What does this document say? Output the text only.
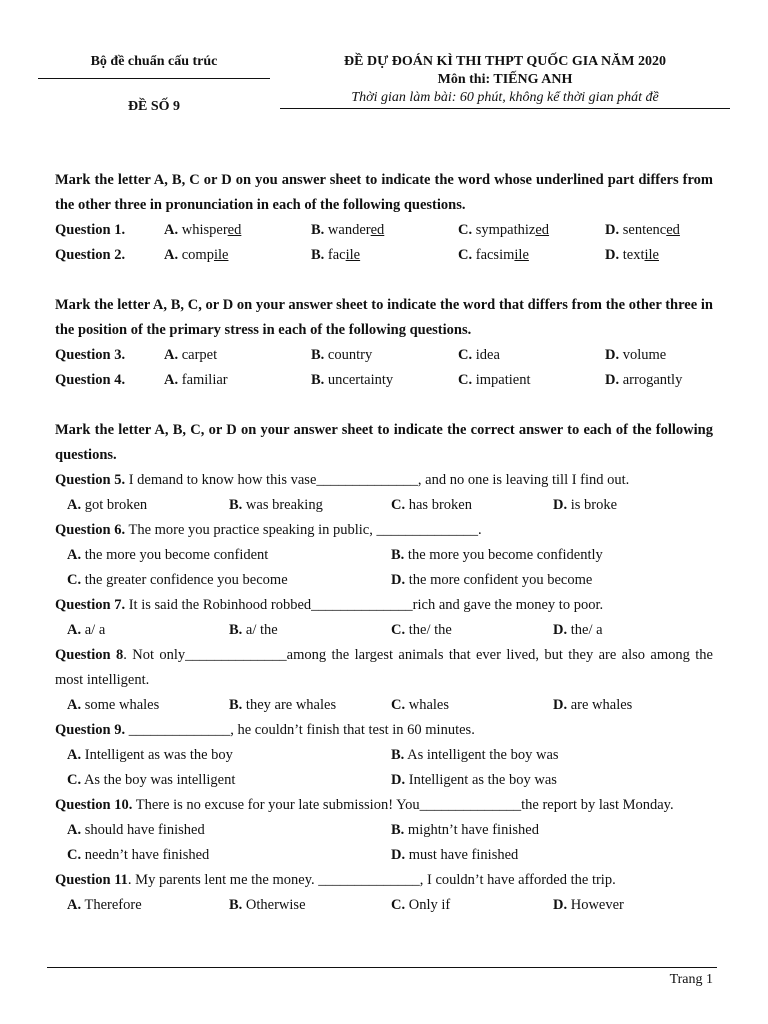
Bộ đề chuẩn cấu trúc
ĐỀ SỐ 9
ĐỀ DỰ ĐOÁN KÌ THI THPT QUỐC GIA NĂM 2020
Môn thi: TIẾNG ANH
Thời gian làm bài: 60 phút, không kể thời gian phát đề
Mark the letter A, B, C or D on you answer sheet to indicate the word whose underlined part differs from the other three in pronunciation in each of the following questions.
Question 1.	A. whispered	B. wandered	C. sympathized	D. sentenced
Question 2.	A. compile	B. facile	C. facsimile	D. textile
Mark the letter A, B, C, or D on your answer sheet to indicate the word that differs from the other three in the position of the primary stress in each of the following questions.
Question 3.	A. carpet	B. country	C. idea	D. volume
Question 4.	A. familiar	B. uncertainty	C. impatient	D. arrogantly
Mark the letter A, B, C, or D on your answer sheet to indicate the correct answer to each of the following questions.
Question 5. I demand to know how this vase______________, and no one is leaving till I find out.
A. got broken	B. was breaking	C. has broken	D. is broke
Question 6. The more you practice speaking in public, ______________.
A. the more you become confident	B. the more you become confidently
C. the greater confidence you become	D. the more confident you become
Question 7. It is said the Robinhood robbed______________rich and gave the money to poor.
A. a/ a	B. a/ the	C. the/ the	D. the/ a
Question 8. Not only______________among the largest animals that ever lived, but they are also among the most intelligent.
A. some whales	B. they are whales	C. whales	D. are whales
Question 9. ______________, he couldn’t finish that test in 60 minutes.
A. Intelligent as was the boy	B. As intelligent the boy was
C. As the boy was intelligent	D. Intelligent as the boy was
Question 10. There is no excuse for your late submission! You______________the report by last Monday.
A. should have finished	B. mightn’t have finished
C. needn’t have finished	D. must have finished
Question 11. My parents lent me the money. ______________, I couldn’t have afforded the trip.
A. Therefore	B. Otherwise	C. Only if	D. However
Trang 1
